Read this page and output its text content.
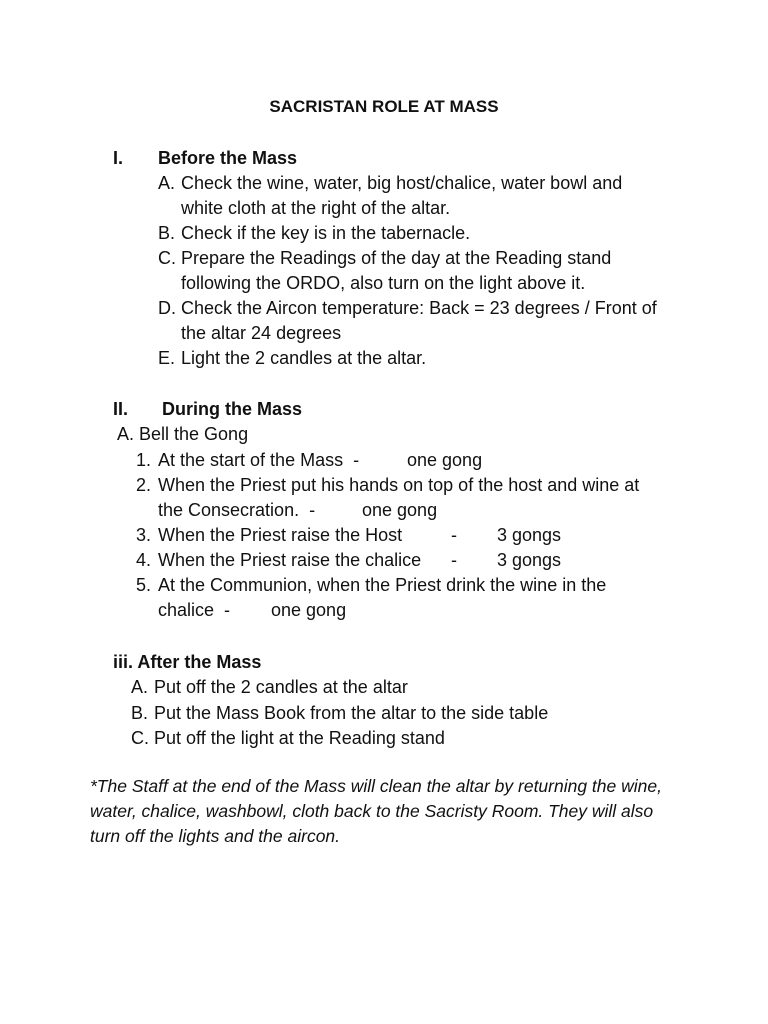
SACRISTAN ROLE AT MASS
I. Before the Mass
A. Check the wine, water, big host/chalice, water bowl and
white cloth at the right of the altar.
B. Check if the key is in the tabernacle.
C. Prepare the Readings of the day at the Reading stand
following the ORDO, also turn on the light above it.
D. Check the Aircon temperature: Back = 23 degrees / Front of
the altar 24 degrees
E. Light the 2 candles at the altar.
II. During the Mass
A. Bell the Gong
1. At the start of the Mass  -	one gong
2. When the Priest put his hands on top of the host and wine at
the Consecration.  -	one gong
3. When the Priest raise the Host	- 3 gongs
4. When the Priest raise the chalice - 3 gongs
5. At the Communion, when the Priest drink the wine in the
chalice  - one gong
iii. After the Mass
A. Put off the 2 candles at the altar
B. Put the Mass Book from the altar to the side table
C. Put off the light at the Reading stand
*The Staff at the end of the Mass will clean the altar by returning the wine, water, chalice, washbowl, cloth back to the Sacristy Room. They will also turn off the lights and the aircon.
